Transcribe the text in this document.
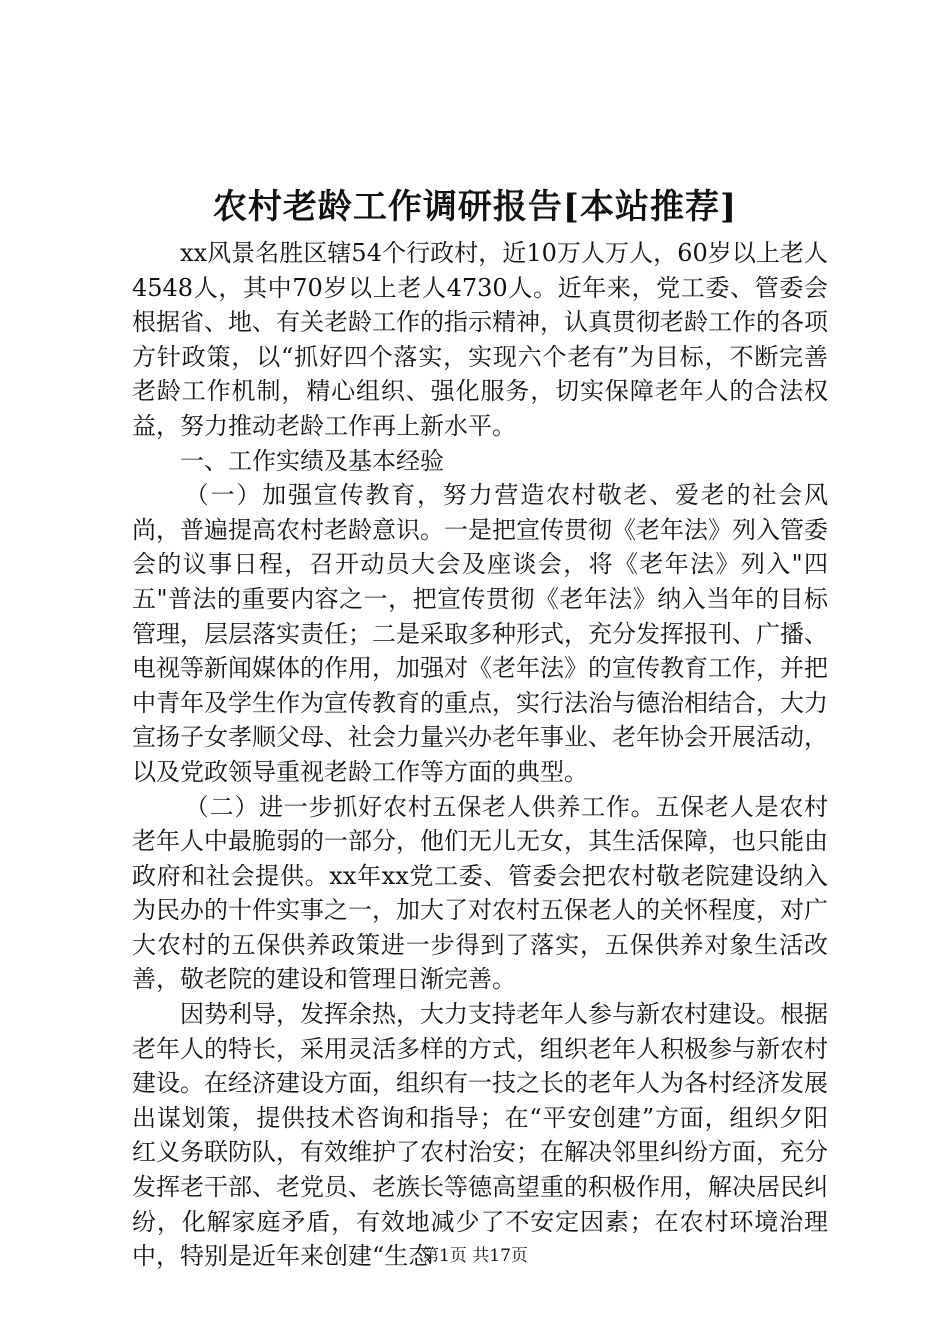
农村老龄工作调研报告[本站推荐]

xx风景名胜区辖54个行政村，近10万人万人，60岁以上老人4548人，其中70岁以上老人4730人。近年来，党工委、管委会根据省、地、有关老龄工作的指示精神，认真贯彻老龄工作的各项方针政策，以“抓好四个落实，实现六个老有”为目标，不断完善老龄工作机制，精心组织、强化服务，切实保障老年人的合法权益，努力推动老龄工作再上新水平。

一、工作实绩及基本经验

（一）加强宣传教育，努力营造农村敬老、爱老的社会风尚，普遍提高农村老龄意识。一是把宣传贯彻《老年法》列入管委会的议事日程，召开动员大会及座谈会，将《老年法》列入"四五"普法的重要内容之一，把宣传贯彻《老年法》纳入当年的目标管理，层层落实责任；二是采取多种形式，充分发挥报刊、广播、电视等新闻媒体的作用，加强对《老年法》的宣传教育工作，并把中青年及学生作为宣传教育的重点，实行法治与德治相结合，大力宣扬子女孝顺父母、社会力量兴办老年事业、老年协会开展活动，以及党政领导重视老龄工作等方面的典型。

（二）进一步抓好农村五保老人供养工作。五保老人是农村老年人中最脆弱的一部分，他们无儿无女，其生活保障，也只能由政府和社会提供。xx年xx党工委、管委会把农村敬老院建设纳入为民办的十件实事之一，加大了对农村五保老人的关怀程度，对广大农村的五保供养政策进一步得到了落实，五保供养对象生活改善，敬老院的建设和管理日渐完善。

因势利导，发挥余热，大力支持老年人参与新农村建设。根据老年人的特长，采用灵活多样的方式，组织老年人积极参与新农村建设。在经济建设方面，组织有一技之长的老年人为各村经济发展出谋划策，提供技术咨询和指导；在“平安创建”方面，组织夕阳红义务联防队，有效维护了农村治安；在解决邻里纠纷方面，充分发挥老干部、老党员、老族长等德高望重的积极作用，解决居民纠纷，化解家庭矛盾，有效地减少了不安定因素；在农村环境治理中，特别是近年来创建“生态

第1页 共17页
